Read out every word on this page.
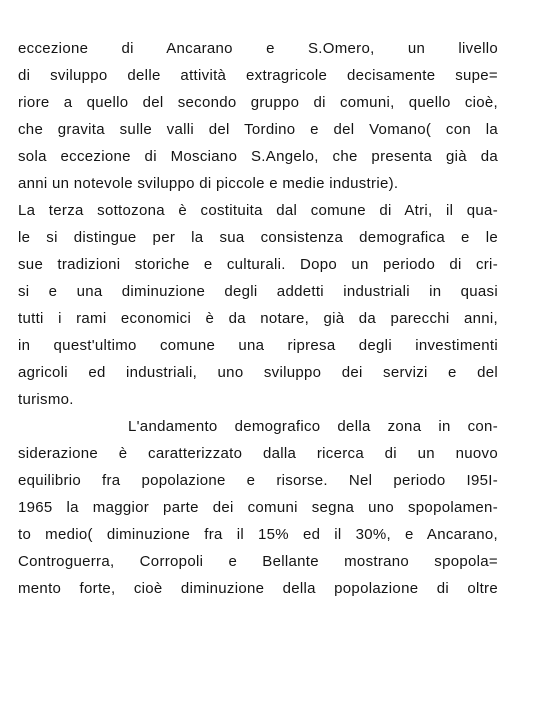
eccezione di Ancarano e S.Omero, un livello
di sviluppo delle attività extragricole decisamente supe=
riore a quello del secondo gruppo di comuni, quello cioè,
che gravita sulle valli del Tordino e del Vomano( con la
sola eccezione di Mosciano S.Angelo, che presenta già da
anni un notevole sviluppo di piccole e medie industrie).
La terza sottozona è costituita dal comune di Atri, il qua-
le si distingue per la sua consistenza demografica e le
sue tradizioni storiche e culturali. Dopo un periodo di cri-
si e una diminuzione degli addetti industriali in quasi
tutti i rami economici è da notare, già da parecchi anni,
in quest'ultimo comune una ripresa degli investimenti
agricoli ed industriali, uno sviluppo dei servizi e del
turismo.
L'andamento demografico della zona in con-
siderazione è caratterizzato dalla ricerca di un nuovo
equilibrio fra popolazione e risorse. Nel periodo I95I-
1965 la maggior parte dei comuni segna uno spopolamen-
to medio( diminuzione fra il 15% ed il 30%, e Ancarano,
Controguerra, Corropoli e Bellante mostrano spopola=
mento forte, cioè diminuzione della popolazione di oltre
